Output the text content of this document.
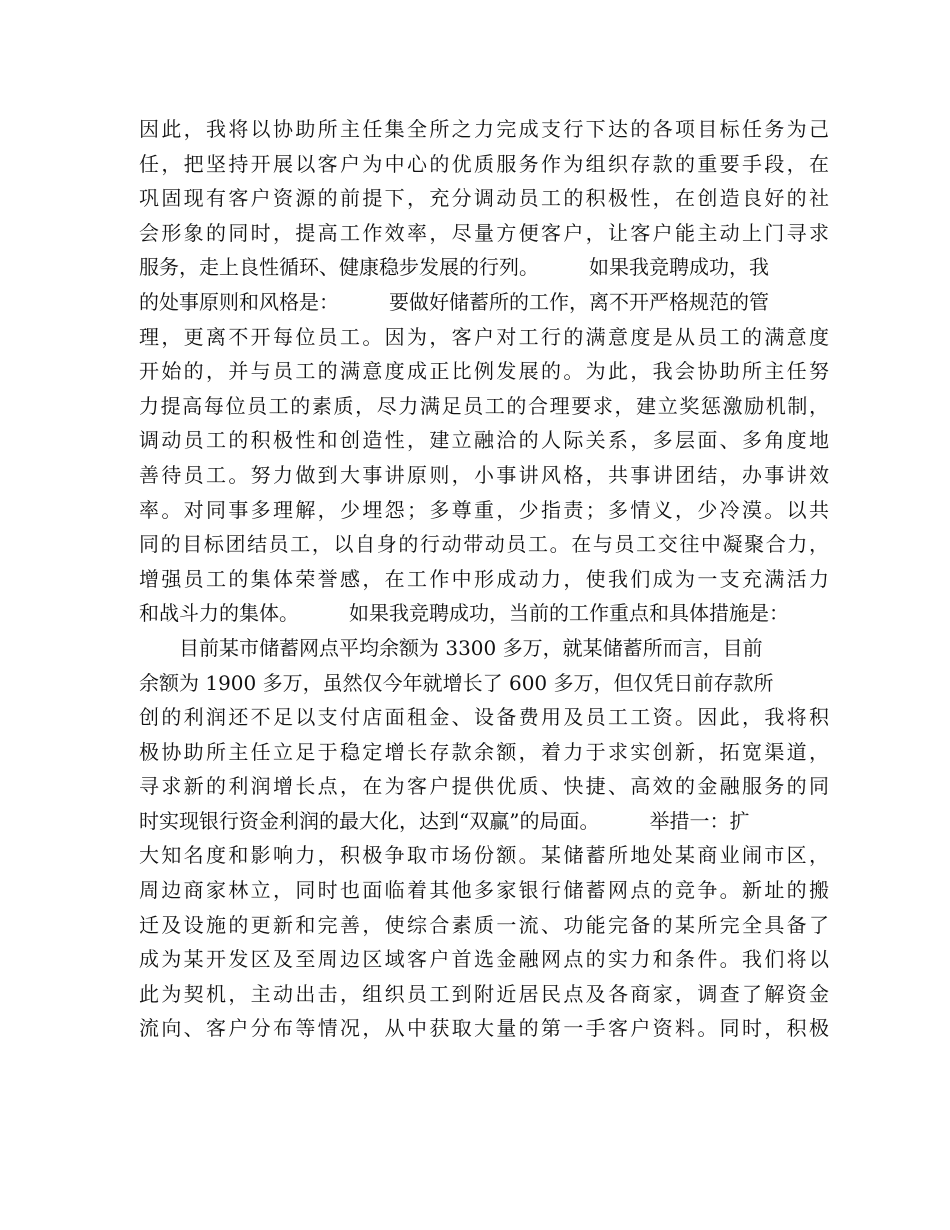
因此，我将以协助所主任集全所之力完成支行下达的各项目标任务为己
任，把坚持开展以客户为中心的优质服务作为组织存款的重要手段，在
巩固现有客户资源的前提下，充分调动员工的积极性，在创造良好的社
会形象的同时，提高工作效率，尽量方便客户，让客户能主动上门寻求
服务，走上良性循环、健康稳步发展的行列。　　　如果我竞聘成功，我
的处事原则和风格是：　　　要做好储蓄所的工作，离不开严格规范的管
理，更离不开每位员工。因为，客户对工行的满意度是从员工的满意度
开始的，并与员工的满意度成正比例发展的。为此，我会协助所主任努
力提高每位员工的素质，尽力满足员工的合理要求，建立奖惩激励机制，
调动员工的积极性和创造性，建立融洽的人际关系，多层面、多角度地
善待员工。努力做到大事讲原则，小事讲风格，共事讲团结，办事讲效
率。对同事多理解，少埋怨；多尊重，少指责；多情义，少冷漠。以共
同的目标团结员工，以自身的行动带动员工。在与员工交往中凝聚合力，
增强员工的集体荣誉感，在工作中形成动力，使我们成为一支充满活力
和战斗力的集体。　　　如果我竞聘成功，当前的工作重点和具体措施是：
　　目前某市储蓄网点平均余额为 3300 多万，就某储蓄所而言，目前
余额为 1900 多万，虽然仅今年就增长了 600 多万，但仅凭日前存款所
创的利润还不足以支付店面租金、设备费用及员工工资。因此，我将积
极协助所主任立足于稳定增长存款余额，着力于求实创新，拓宽渠道，
寻求新的利润增长点，在为客户提供优质、快捷、高效的金融服务的同
时实现银行资金利润的最大化，达到“双赢”的局面。　　　举措一：扩
大知名度和影响力，积极争取市场份额。某储蓄所地处某商业闹市区，
周边商家林立，同时也面临着其他多家银行储蓄网点的竞争。新址的搬
迁及设施的更新和完善，使综合素质一流、功能完备的某所完全具备了
成为某开发区及至周边区域客户首选金融网点的实力和条件。我们将以
此为契机，主动出击，组织员工到附近居民点及各商家，调查了解资金
流向、客户分布等情况，从中获取大量的第一手客户资料。同时，积极
